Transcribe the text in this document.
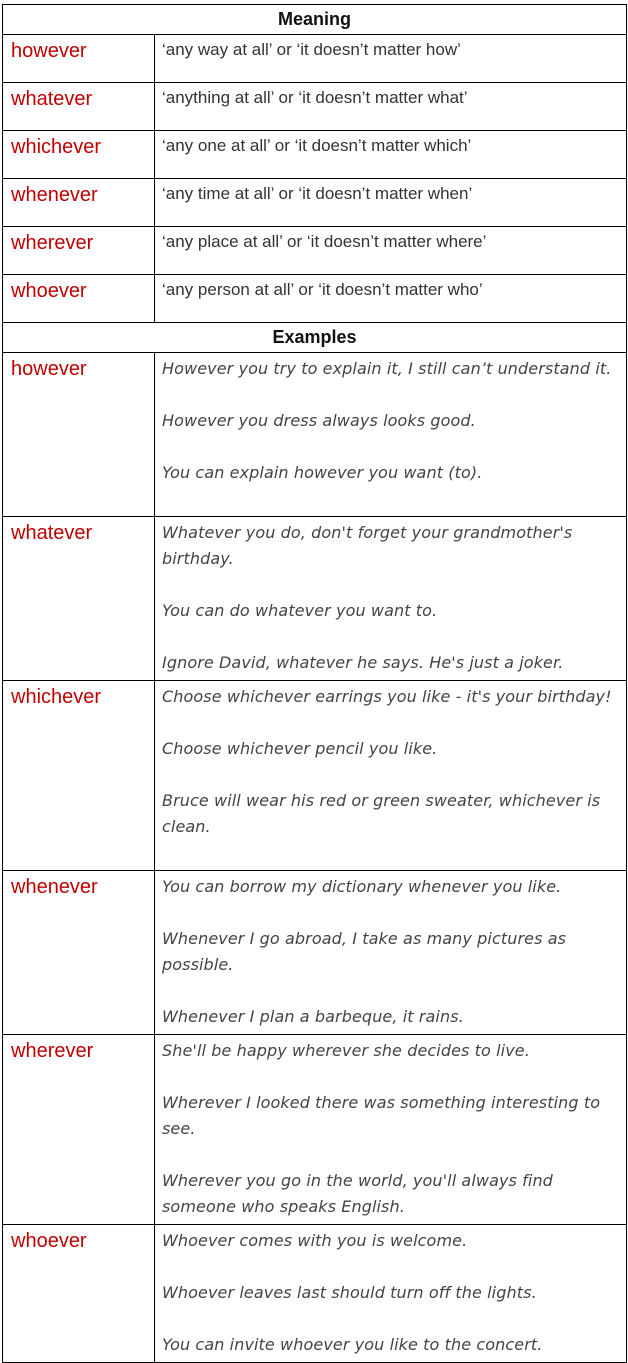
Meaning	
however	‘any way at all’ or ‘it doesn’t matter how’
whatever	‘anything at all’ or ‘it doesn’t matter what’
whichever	‘any one at all’ or ‘it doesn’t matter which’
whenever	‘any time at all’ or ‘it doesn’t matter when’
wherever	‘any place at all’ or ‘it doesn’t matter where’
whoever	‘any person at all’ or ‘it doesn’t matter who’
Examples	
however	However you try to explain it, I still can’t understand it.

However you dress always looks good.

You can explain however you want (to).

whatever	Whatever you do, don't forget your grandmother's birthday.

You can do whatever you want to.

Ignore David, whatever he says. He's just a joker.

whichever	Choose whichever earrings you like - it's your birthday!

Choose whichever pencil you like.

Bruce will wear his red or green sweater, whichever is clean.

whenever	You can borrow my dictionary whenever you like.

Whenever I go abroad, I take as many pictures as possible.

Whenever I plan a barbeque, it rains.

wherever	She'll be happy wherever she decides to live.

Wherever I looked there was something interesting to see.

Wherever you go in the world, you'll always find someone who speaks English.

whoever	Whoever comes with you is welcome.

Whoever leaves last should turn off the lights.

You can invite whoever you like to the concert.
